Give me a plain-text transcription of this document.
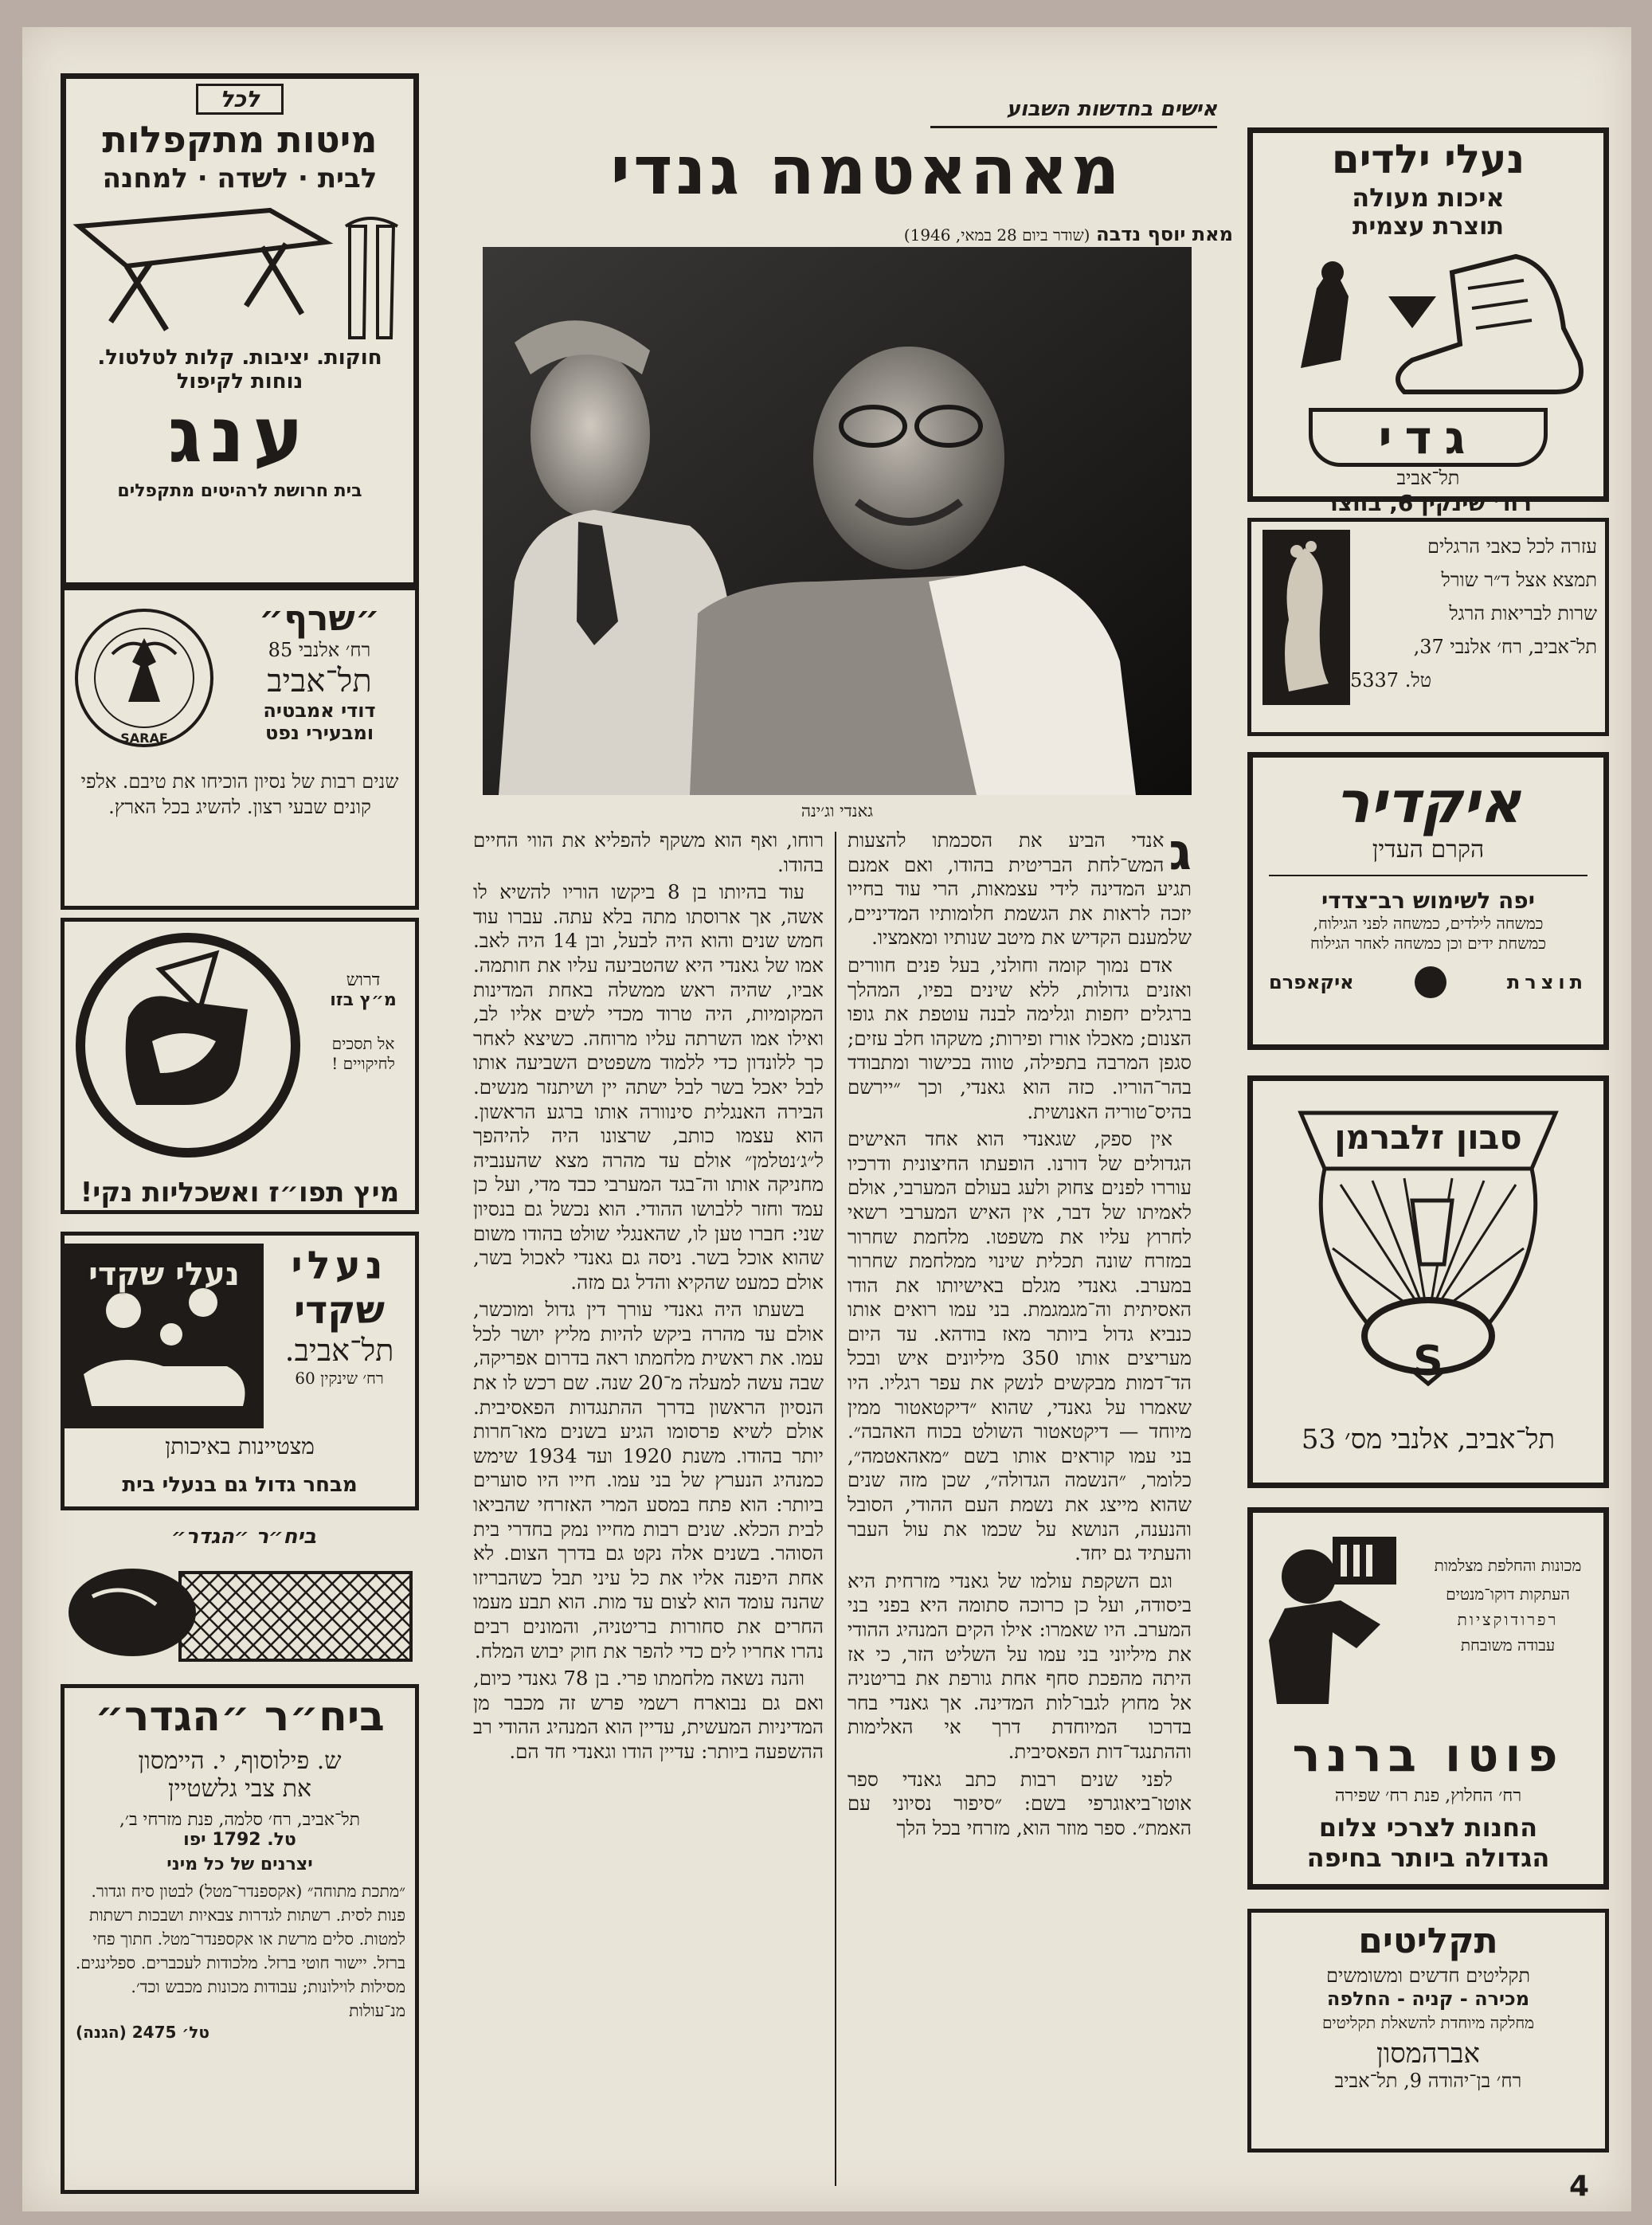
אישים בחדשות השבוע
מאהאטמה גנדי
מאת יוסף נדבה (שודר ביום 28 במאי, 1946)
גאנדי וג׳ינה
ג

אנדי הביע את הסכמתו להצעות המש־לחת הבריטית בהודו, ואם אמנם תגיע המדינה לידי עצמאות, הרי עוד בחייו יזכה לראות את הגשמת חלומותיו המדיניים, שלמענם הקדיש את מיטב שנותיו ומאמציו.

אדם נמוך קומה וחולני, בעל פנים חוורים ואזנים גדולות, ללא שינים בפיו, המהלך ברגלים יחפות וגלימה לבנה עוטפת את גופו הצנום; מאכלו אורז ופירות; משקהו חלב עזים; סגפן המרבה בתפילה, טווה בכישור ומתבודד בהר־הוריו. כזה הוא גאנדי, וכך ״יירשם בהיס־טוריה האנושית.

אין ספק, שגאנדי הוא אחד האישים הגדולים של דורנו. הופעתו החיצונית ודרכיו עוררו לפנים צחוק ולעג בעולם המערבי, אולם לאמיתו של דבר, אין האיש המערבי רשאי לחרוץ עליו את משפטו. מלחמת שחרור במזרח שונה תכלית שינוי ממלחמת שחרור במערב. גאנדי מגלם באישיותו את הודו האסיתית וה־מגמגמת. בני עמו רואים אותו כנביא גדול ביותר מאז בודהא. עד היום מעריצים אותו 350 מיליונים איש ובכל הד־דמות מבקשים לנשק את עפר רגליו. היו שאמרו על גאנדי, שהוא ״דיקטאטור ממין מיוחד — דיקטאטור השולט בכוח האהבה״. בני עמו קוראים אותו בשם ״מאהאטמה״, כלומר, ״הנשמה הגדולה״, שכן מזה שנים שהוא מייצג את נשמת העם ההודי, הסובל והנענה, הנושא על שכמו את עול העבר והעתיד גם יחד.

וגם השקפת עולמו של גאנדי מזרחית היא ביסודה, ועל כן כרוכה סתומה היא בפני בני המערב. היו שאמרו: אילו הקים המנהיג ההודי את מיליוני בני עמו על השליט הזר, כי אז היתה מהפכת סחף אחת גורפת את בריטניה אל מחוץ לגבו־לות המדינה. אך גאנדי בחר בדרכו המיוחדת דרך אי האלימות וההתנגד־דות הפאסיבית.

לפני שנים רבות כתב גאנדי ספר אוטו־ביאוגרפי בשם: ״סיפור נסיוני עם האמת״. ספר מוזר הוא, מזרחי בכל הלך

רוחו, ואף הוא משקף להפליא את הווי החיים בהודו.

עוד בהיותו בן 8 ביקשו הוריו להשיא לו אשה, אך ארוסתו מתה בלא עתה. עברו עוד חמש שנים והוא היה לבעל, ובן 14 היה לאב. אמו של גאנדי היא שהטביעה עליו את חותמה. אביו, שהיה ראש ממשלה באחת המדינות המקומיות, היה טרוד מכדי לשים אליו לב, ואילו אמו השרתה עליו מרוחה. כשיצא לאחר כך ללונדון כדי ללמוד משפטים השביעה אותו לבל יאכל בשר לבל ישתה יין ושיתנזר מנשים. הבירה האנגלית סינוורה אותו ברגע הראשון. הוא עצמו כותב, שרצונו היה להיהפך ל״ג׳נטלמן״ אולם עד מהרה מצא שהענביה מחניקה אותו וה־בגד המערבי כבד מדי, ועל כן עמד וחזר ללבושו ההודי. הוא נכשל גם בנסיון שני: חברו טען לו, שהאנגלי שולט בהודו משום שהוא אוכל בשר. ניסה גם גאנדי לאכול בשר, אולם כמעט שהקיא והדל גם מזה.

בשעתו היה גאנדי עורך דין גדול ומוכשר, אולם עד מהרה ביקש להיות מליץ יושר לכל עמו. את ראשית מלחמתו ראה בדרום אפריקה, שבה עשה למעלה מ־20 שנה. שם רכש לו את הנסיון הראשון בדרך ההתנגדות הפאסיבית. אולם לשיא פרסומו הגיע בשנים מאו־חרות יותר בהודו. משנת 1920 ועד 1934 שימש כמנהיג הנערץ של בני עמו. חייו היו סוערים ביותר: הוא פתח במסע המרי האזרחי שהביאו לבית הכלא. שנים רבות מחייו נמק בחדרי בית הסוהר. בשנים אלה נקט גם בדרך הצום. לא אחת היפנה אליו את כל עיני תבל כשהבריזו שהנה עומד הוא לצום עד מות. הוא תבע מעמו החרים את סחורות בריטניה, והמונים רבים נהרו אחריו לים כדי להפר את חוק יבוש המלח.

והנה נשאה מלחמתו פרי. בן 78 גאנדי כיום, ואם גם נבוארח רשמי פרש זה מכבר מן המדיניות המעשית, עדיין הוא המנהיג ההודי רב ההשפעה ביותר: עדיין הודו וגאנדי חד הם.

לכל
מיטות מתקפלות
לבית · לשדה · למחנה
חוקות. יציבות. קלות לטלטול.
נוחות לקיפול
ענג
בית חרושת לרהיטים מתקפלים
״שרף״
רח׳ אלנבי 85
תל־אביב
דודי אמבטיה
ומבעירי נפט
SARAF
שנים רבות של נסיון הוכיחו את טיבם. אלפי קונים שבעי רצון. להשיג בכל הארץ.
דרוש
מ״ץ בזו
אל תסכים
לחיקויים !
מיץ תפו״ז ואשכליות נקי!
נעלי
שקדי
תל־אביב.
רח׳ שינקין 60
נעלי שקדי
מצטיינות באיכותן
מבחר גדול גם בנעלי בית
ביח״ר ״הגדר״
ביח״ר ״הגדר״
ש. פילוסוף, י. היימסון
את צבי גלשטיין
תל־אביב, רח׳ סלמה, פנת מזרחי ב׳,
טל. 1792 יפו
יצרנים של כל מיני
״מתכת מתוחה״ (אקספנדר־מטל) לבטון סיח וגדור. פנות לסית. רשתות לגדרות צבאיות ושבכות רשתות למטות. סלים מרשת או אקספנדר־מטל. חתוך פחי ברזל. יישור חוטי ברזל. מלכודות לעכברים. ספלינגים. מסילות לוילונות; עבודות מכונות מכבש וכד׳. מנ־עולות
טל׳ 2475 (הגנה)
נעלי ילדים
איכות מעולה
תוצרת עצמית
גדי
תל־אביב
רח׳ שינקין 6, בחצר
עזרה לכל כאבי הרגלים
תמצא אצל ד״ר שורל
שרות לבריאות הרגל
תל־אביב, רח׳ אלנבי 37,
טל. 5337
איקדיר
הקרם העדין
יפה לשימוש רב־צדדי
כמשחה לילדים, כמשחה לפני הגילוח,
כמשחת ידים וכן כמשחה לאחר הגילוח
תוצרת
איקאפרם
סבון זלברמן
S
תל־אביב, אלנבי מס׳ 53
מכונות והחלפת מצלמות
העתקות דוקו־מנטים
רפרודוקציות
עבודה משובחת
פוטו ברנר
רח׳ החלוץ, פנת רח׳ שפירה
החנות לצרכי צלום
הגדולה ביותר בחיפה
תקליטים
תקליטים חדשים ומשומשים
מכירה - קניה - החלפה
מחלקה מיוחדת להשאלת תקליטים
אברהמסון
רח׳ בן־יהודה 9, תל־אביב
4
